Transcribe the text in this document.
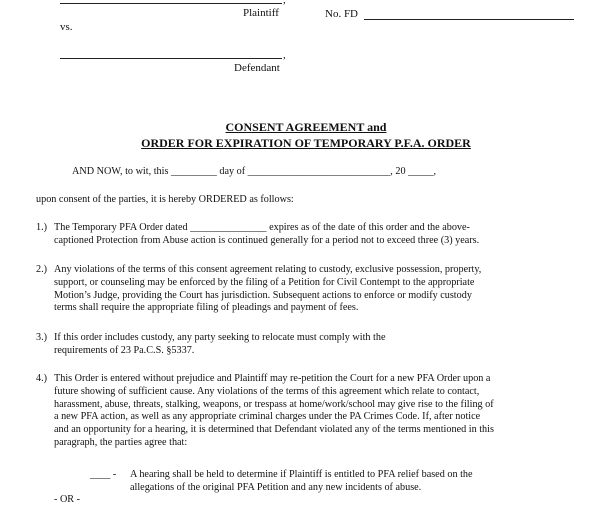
,
Plaintiff	No. FD
vs.
,
Defendant
CONSENT AGREEMENT and
ORDER FOR EXPIRATION OF TEMPORARY P.F.A. ORDER
AND NOW, to wit, this _________ day of ____________________________, 20 _____,
upon consent of the parties, it is hereby ORDERED as follows:
1.) The Temporary PFA Order dated _______________ expires as of the date of this order and the above-
captioned Protection from Abuse action is continued generally for a period not to exceed three (3) years.
2.) Any violations of the terms of this consent agreement relating to custody, exclusive possession, property,
support, or counseling may be enforced by the filing of a Petition for Civil Contempt to the appropriate
Motion’s Judge, providing the Court has jurisdiction. Subsequent actions to enforce or modify custody
terms shall require the appropriate filing of pleadings and payment of fees.
3.) If this order includes custody, any party seeking to relocate must comply with the
requirements of 23 Pa.C.S. §5337.
4.) This Order is entered without prejudice and Plaintiff may re-petition the Court for a new PFA Order upon a
future showing of sufficient cause. Any violations of the terms of this agreement which relate to contact,
harassment, abuse, threats, stalking, weapons, or trespass at home/work/school may give rise to the filing of
a new PFA action, as well as any appropriate criminal charges under the PA Crimes Code. If, after notice
and an opportunity for a hearing, it is determined that Defendant violated any of the terms mentioned in this
paragraph, the parties agree that:
____ - A hearing shall be held to determine if Plaintiff is entitled to PFA relief based on the
allegations of the original PFA Petition and any new incidents of abuse.
- OR -
